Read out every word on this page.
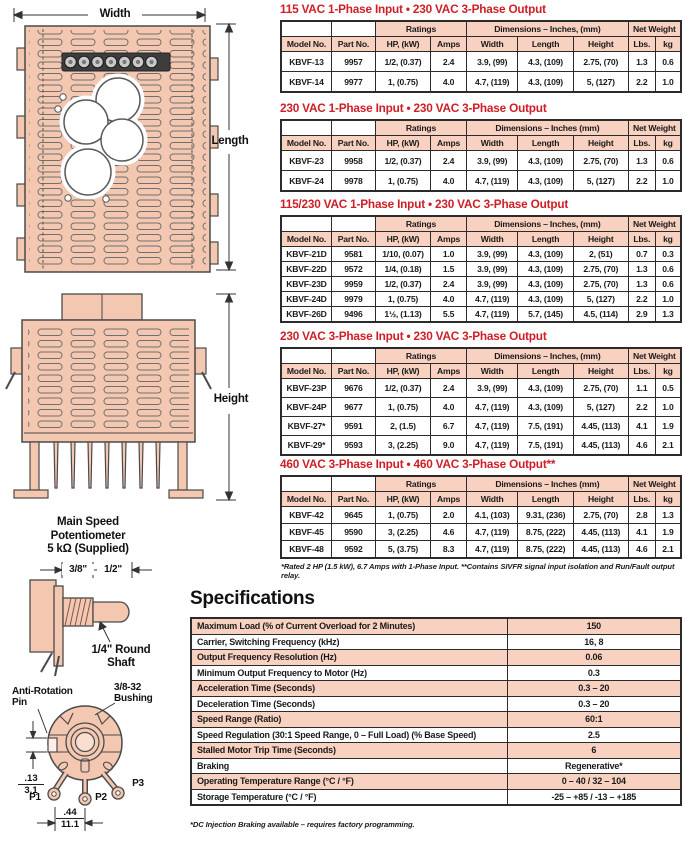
Width
Length
Height
Main Speed
Potentiometer
5 kΩ (Supplied)
3/8"	1/2"
1/4" Round
Shaft
Anti-Rotation
Pin
3/8-32
Bushing
$\frac{.13}{3.1}$
$\frac{.44}{11.1}$
P1	P2
P3
115 VAC 1-Phase Input • 230 VAC 3-Phase Output
		Ratings		Dimensions – Inches, (mm)			Net Weight	
Model No.	Part No.	HP, (kW)	Amps	Width	Length	Height	Lbs.	kg
KBVF-13	9957	1/2, (0.37)	2.4	3.9, (99)	4.3, (109)	2.75, (70)	1.3	0.6
KBVF-14	9977	1, (0.75)	4.0	4.7, (119)	4.3, (109)	5, (127)	2.2	1.0
230 VAC 1-Phase Input • 230 VAC 3-Phase Output
		Ratings		Dimensions – Inches (mm)			Net Weight	
Model No.	Part No.	HP, (kW)	Amps	Width	Length	Height	Lbs.	kg
KBVF-23	9958	1/2, (0.37)	2.4	3.9, (99)	4.3, (109)	2.75, (70)	1.3	0.6
KBVF-24	9978	1, (0.75)	4.0	4.7, (119)	4.3, (109)	5, (127)	2.2	1.0
115/230 VAC 1-Phase Input • 230 VAC 3-Phase Output
		Ratings		Dimensions – Inches, (mm)			Net Weight	
Model No.	Part No.	HP, (kW)	Amps	Width	Length	Height	Lbs.	kg
KBVF-21D	9581	1/10, (0.07)	1.0	3.9, (99)	4.3, (109)	2, (51)	0.7	0.3
KBVF-22D	9572	1/4, (0.18)	1.5	3.9, (99)	4.3, (109)	2.75, (70)	1.3	0.6
KBVF-23D	9959	1/2, (0.37)	2.4	3.9, (99)	4.3, (109)	2.75, (70)	1.3	0.6
KBVF-24D	9979	1, (0.75)	4.0	4.7, (119)	4.3, (109)	5, (127)	2.2	1.0
KBVF-26D	9496	1½, (1.13)	5.5	4.7, (119)	5.7, (145)	4.5, (114)	2.9	1.3
230 VAC 3-Phase Input • 230 VAC 3-Phase Output
		Ratings		Dimensions – Inches, (mm)			Net Weight	
Model No.	Part No.	HP, (kW)	Amps	Width	Length	Height	Lbs.	kg
KBVF-23P	9676	1/2, (0.37)	2.4	3.9, (99)	4.3, (109)	2.75, (70)	1.1	0.5
KBVF-24P	9677	1, (0.75)	4.0	4.7, (119)	4.3, (109)	5, (127)	2.2	1.0
KBVF-27*	9591	2, (1.5)	6.7	4.7, (119)	7.5, (191)	4.45, (113)	4.1	1.9
KBVF-29*	9593	3, (2.25)	9.0	4.7, (119)	7.5, (191)	4.45, (113)	4.6	2.1
460 VAC 3-Phase Input • 460 VAC 3-Phase Output**
		Ratings		Dimensions – Inches (mm)			Net Weight	
Model No.	Part No.	HP, (kW)	Amps	Width	Length	Height	Lbs.	kg
KBVF-42	9645	1, (0.75)	2.0	4.1, (103)	9.31, (236)	2.75, (70)	2.8	1.3
KBVF-45	9590	3, (2.25)	4.6	4.7, (119)	8.75, (222)	4.45, (113)	4.1	1.9
KBVF-48	9592	5, (3.75)	8.3	4.7, (119)	8.75, (222)	4.45, (113)	4.6	2.1
*Rated 2 HP (1.5 kW), 6.7 Amps with 1-Phase Input. **Contains SIVFR signal input isolation and Run/Fault output relay.
Specifications
Maximum Load (% of Current Overload for 2 Minutes)	150
Carrier, Switching Frequency (kHz)	16, 8
Output Frequency Resolution (Hz)	0.06
Minimum Output Frequency to Motor (Hz)	0.3
Acceleration Time (Seconds)	0.3 – 20
Deceleration Time (Seconds)	0.3 – 20
Speed Range (Ratio)	60:1
Speed Regulation (30:1 Speed Range, 0 – Full Load) (% Base Speed)	2.5
Stalled Motor Trip Time (Seconds)	6
Braking	Regenerative*
Operating Temperature Range (°C / °F)	0 – 40 / 32 – 104
Storage Temperature (°C / °F)	-25 – +85 / -13 – +185
*DC Injection Braking available – requires factory programming.
